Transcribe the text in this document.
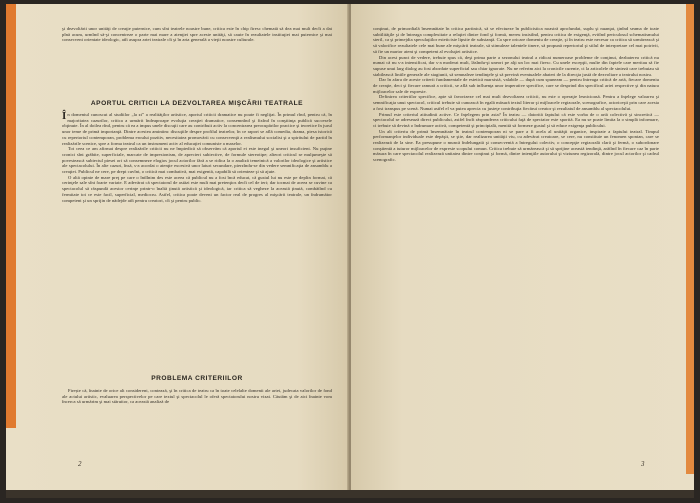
şi dezvoltării unor unităţi de creaţie puternice, cum sînt teatrele noastre bune, critica este în chip firesc chemată să dea mai mult decît a dat pînă acum, urmînd să-şi concentreze o parte mai mare a atenţiei spre aceste unităţi, să caute în rezultatele instituţiei mai puternice şi mai consecvent orientate ideologic, atît asupra artei teatrale cît şi în arta generală a vieţii noastre culturale.

APORTUL CRITICII LA DEZVOLTAREA MIŞCĂRII TEATRALE

În domeniul cunoscut al studiilor „la zi” a realităţilor artistice, aportul criticii dramatice nu poate fi neglijat. În primul rînd, pentru că, în majoritatea cazurilor, critica a urmărit îndeaproape evoluţia creaţiei dramatice, consemnînd şi fixînd în conştiinţa publică succesele obţinute. În al doilea rînd, pentru că ea a impus unele discuţii care au contribuit activ la concentrarea preocupărilor practice şi teoretice în jurul unor teme de primă importanţă. Dintre acestea amintim: discuţiile despre profilul teatrelor, în ce raport se află comedia, drama, piesa istorică cu repertoriul contemporan, problema eroului pozitiv, necesitatea promovării cu consecvenţă a realismului socialist şi a spiritului de partid în realizările scenice, spre a forma teatrul ca un instrument activ al educaţiei comuniste a maselor.

Tot ceea ce am afirmat despre realizările criticii nu ne împiedică să observăm că aportul ei este inegal şi uneori insuficient. Nu puţine cronici sînt grăbite, superficiale, marcate de impresionism, de aprecieri subiective, de formule stereotipe; alteori criticul se mulţumeşte să povestească subiectul piesei ori să consemneze elogios jocul actorilor fără a se ridica la o analiză temeinică a valorilor ideologice şi artistice ale spectacolului. În alte cazuri, însă, s-a acordat o atenţie excesivă unor laturi secundare, pierzîndu-se din vedere semnificaţia de ansamblu a creaţiei. Publicul ne cere, pe drept cuvînt, o critică mai combativă, mai exigentă, capabilă să orienteze şi să ajute.

O altă opinie de mare preţ pe care o întîlnim des este aceea că publicul nu a fost încă educat, că gustul lui nu este pe deplin format, că cerinţele sale sînt foarte variate. E adevărat că spectatorul de astăzi este mult mai pretenţios decît cel de ieri; dar tocmai de aceea se cuvine ca spectacolul să răspundă acestor cerinţe printr-o înaltă ţinută artistică şi ideologică, iar critica să vegheze la această ţinută, combătînd cu fermitate tot ce este facil, superficial, mediocru. Astfel, critica poate deveni un factor real de progres al mişcării teatrale, un îndrumător competent şi un sprijin de nădejde atît pentru creatori, cît şi pentru public.

PROBLEMA CRITERIILOR

Firește că, înainte de orice alt considerent, contează, şi în critica de teatru ca în toate celelalte domenii ale artei, judecata valorilor de fond ale actului artistic, evaluarea perspectivelor pe care textul şi spectacolul le oferă spectatorului nostru vizat. Căutăm şi de aici înainte vom încerca să urmărim şi mai stăruitor, ca această analiză de

2

conţinut, de primordială însemnătate în critica partinică, să se efectueze în publicistica noastră aprofundat, suplu şi nuanţat, ţinînd seama de toate subtilităţile şi de întreaga complexitate a relaţiei dintre fond şi formă, mereu insistînd, pentru critica de exigenţă, evitînd periculosul schematismului steril, ca şi primejdia speculaţiilor esteticiste lipsite de substanţă. Ca spre oricare domeniu de creaţie, şi în teatru este necesar ca critica să urmărească şi să valorifice rezultatele cele mai bune ale mişcării teatrale, să stimuleze talentele tinere, să propună repertoriul şi stilul de interpretare cel mai potrivit, să fie un martor atent şi competent al evoluţiei artistice.

Din acest punct de vedere, trebuie spus că, deşi prima parte a sezonului teatral a ridicat numeroase probleme de conţinut, dezbaterea critică nu numai că nu s-a intensificat, dar s-a moderat mult, lăsîndu-şi uneori pe alţi un loc mai firesc. Cu unele excepţii, multe din faptele care meritau să fie supuse unui larg dialog au fost abordate superficial sau chiar ignorate. Nu ne referim aici la cronicile curente, ci la articolele de sinteză care trebuiau să stabilească liniile generale ale stagiunii, să semnaleze tendinţele şi să prevină eventualele abateri de la direcţia justă de dezvoltare a teatrului nostru.

Dar în afara de aceste criterii fundamentale de estetică marxistă, valabile — după cum spuneam — pentru întreaga critică de artă, fiecare domeniu de creaţie, deci şi fiecare ramură a criticii, se află sub influenţa unor imperative specifice, care se desprind din specificul artei respective şi din natura mijloacelor sale de expresie.

Definirea criteriilor specifice, apte să favorizeze cel mai mult dezvoltarea criticii, nu este o operaţie lesnicioasă. Pentru a înţelege valoarea şi semnificaţia unui spectacol, criticul trebuie să cunoască în egală măsură textul literar şi mijloacele regizorale, scenografice, actoriceşti prin care acesta a fost transpus pe scenă. Numai astfel el va putea aprecia cu justeţe contribuţia fiecărui creator şi rezultatul de ansamblu al spectacolului.

Primul este criteriul atitudinii active. Ce înţelegem prin asta? În teatru — datorită faptului că este vorba de o artă colectivă şi sincretică — spectacolul se adresează direct publicului, astfel încît răspunderea criticului faţă de spectator este sporită. Ea nu se poate limita la o simplă informare, ci trebuie să devină o îndrumare activă, competentă şi principială, menită să formeze gustul şi să educe exigenţa publicului.

Un alt criteriu de primă însemnătate în teatrul contemporan ni se pare a fi acela al unităţii organice, inspirate a faptului teatral. Timpul performanţelor individuale este depăşit, se ştie, dar realizarea unităţii viu, cu adevărat creatoare, se cere, nu constituie un fenomen spontan, care se realizează de la sine. Ea presupune o muncă îndelungată şi consecventă a întregului colectiv, o concepţie regizorală clară şi fermă, o subordonare conştientă a tuturor mijloacelor de expresie scopului comun. Critica trebuie să urmărească şi să sprijine această tendinţă, arătînd în fiecare caz în parte măsura în care spectacolul realizează unitatea dintre conţinut şi formă, dintre intenţiile autorului şi viziunea regizorală, dintre jocul actorilor şi cadrul scenografic.

3
